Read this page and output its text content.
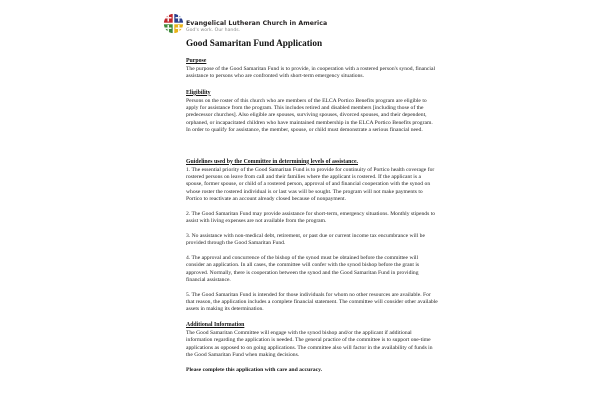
Evangelical Lutheran Church in America
God's work. Our hands.
Good Samaritan Fund Application
Purpose

The purpose of the Good Samaritan Fund is to provide, in cooperation with a rostered person's synod, financial assistance to persons who are confronted with short-term emergency situations.

Eligibility

Persons on the roster of this church who are members of the ELCA Portico Benefits program are eligible to apply for assistance from the program. This includes retired and disabled members [including those of the predecessor churches]. Also eligible are spouses, surviving spouses, divorced spouses, and their dependent, orphaned, or incapacitated children who have maintained membership in the ELCA Portico Benefits program. In order to qualify for assistance, the member, spouse, or child must demonstrate a serious financial need.

Guidelines used by the Committee in determining levels of assistance.

1. The essential priority of the Good Samaritan Fund is to provide for continuity of Portico health coverage for rostered persons on leave from call and their families where the applicant is rostered. If the applicant is a spouse, former spouse, or child of a rostered person, approval of and financial cooperation with the synod on whose roster the rostered individual is or last was will be sought. The program will not make payments to Portico to reactivate an account already closed because of nonpayment.

2. The Good Samaritan Fund may provide assistance for short-term, emergency situations. Monthly stipends to assist with living expenses are not available from the program.

3. No assistance with non-medical debt, retirement, or past due or current income tax encumbrance will be provided through the Good Samaritan Fund.

4. The approval and concurrence of the bishop of the synod must be obtained before the committee will consider an application. In all cases, the committee will confer with the synod bishop before the grant is approved. Normally, there is cooperation between the synod and the Good Samaritan Fund in providing financial assistance.

5. The Good Samaritan Fund is intended for those individuals for whom no other resources are available. For that reason, the application includes a complete financial statement. The committee will consider other available assets in making its determination.

Additional Information

The Good Samaritan Committee will engage with the synod bishop and/or the applicant if additional information regarding the application is needed. The general practice of the committee is to support one-time applications as opposed to on going applications. The committee also will factor in the availability of funds in the Good Samaritan Fund when making decisions.

Please complete this application with care and accuracy.
